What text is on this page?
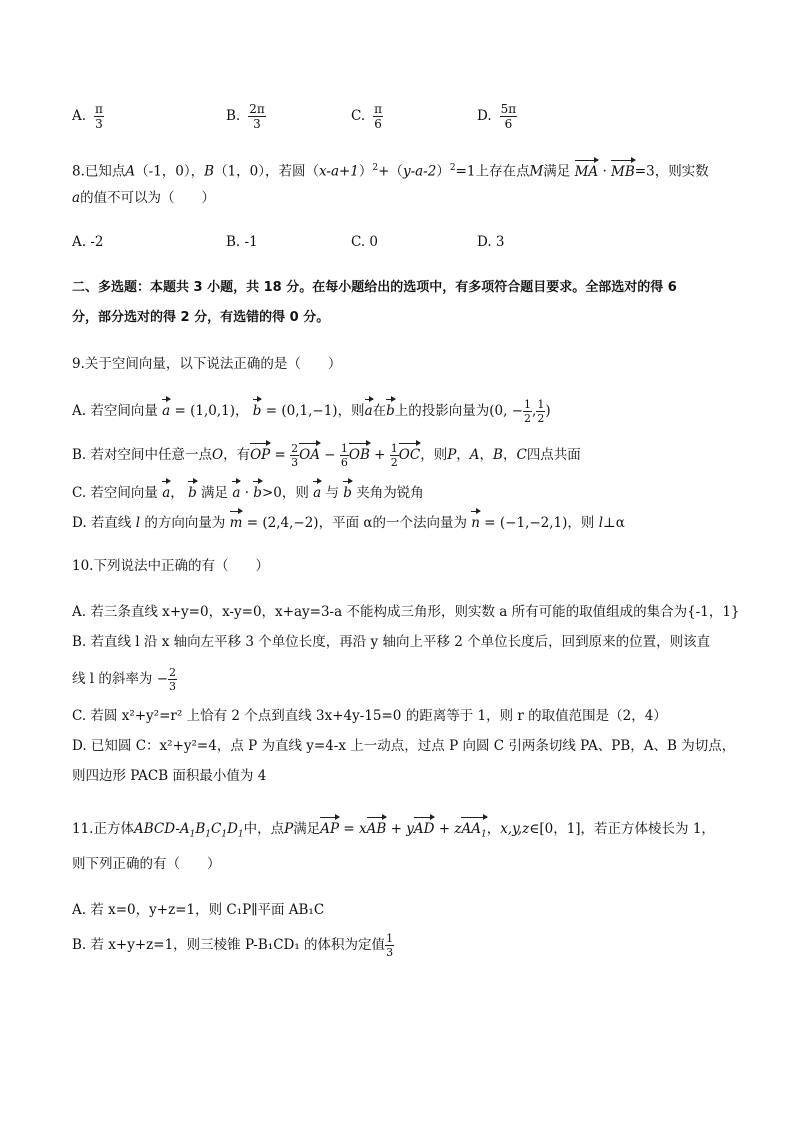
A. $\frac{\pi}{3}$	B. $\frac{2\pi}{3}$	C. $\frac{\pi}{6}$	D. $\frac{5\pi}{6}$
8.已知点A（-1，0），B（1，0），若圆$(x-a+1)^2+(y-a-2)^2=1$上存在点M满足 MA · MB=3，则实数
a的值不可以为（　　）
A. -2	B. -1	C. 0	D. 3
二、多选题：本题共 3 小题，共 18 分。在每小题给出的选项中，有多项符合题目要求。全部选对的得 6
分，部分选对的得 2 分，有选错的得 0 分。
9.关于空间向量，以下说法正确的是（　　）
A. 若空间向量 a = (1,0,1)， b = (0,1,−1)，则a在b上的投影向量为(0, − $\frac{1}{2}$ , $\frac{1}{2}$ )
B. 若对空间中任意一点O，有OP = $\frac{2}{3}$ OA − $\frac{1}{6}$ OB + $\frac{1}{2}$ OC，则P，A，B，C四点共面
C. 若空间向量 a， b 满足 a · b>0，则 a 与 b 夹角为锐角
D. 若直线 l 的方向向量为 m = (2,4,−2)，平面 α的一个法向量为 n = (−1,−2,1)，则 l⊥α
10.下列说法中正确的有（　　）
A. 若三条直线 x+y=0，x-y=0，x+ay=3-a 不能构成三角形，则实数 a 所有可能的取值组成的集合为{-1，1}
B. 若直线 l 沿 x 轴向左平移 3 个单位长度，再沿 y 轴向上平移 2 个单位长度后，回到原来的位置，则该直
线 l 的斜率为 − $\frac{2}{3}$
C. 若圆 x²+y²=r² 上恰有 2 个点到直线 3x+4y-15=0 的距离等于 1，则 r 的取值范围是（2，4）
D. 已知圆 C：x²+y²=4，点 P 为直线 y=4-x 上一动点，过点 P 向圆 C 引两条切线 PA、PB，A、B 为切点，
则四边形 PACB 面积最小值为 4
11.正方体ABCD-$A_1B_1C_1D_1$中，点P满足AP = xAB + yAD + zAA$_1$，x,y,z∈[0，1]，若正方体棱长为 1，
则下列正确的有（　　）
A. 若 x=0，y+z=1，则 C₁P∥平面 AB₁C
B. 若 x+y+z=1，则三棱锥 P-B₁CD₁ 的体积为定值 $\frac{1}{3}$
